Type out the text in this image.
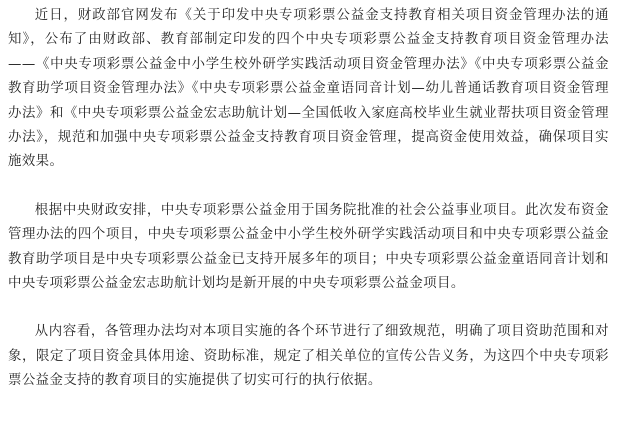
近日，财政部官网发布《关于印发中央专项彩票公益金支持教育相关项目资金管理办法的通知》，公布了由财政部、教育部制定印发的四个中央专项彩票公益金支持教育项目资金管理办法——《中央专项彩票公益金中小学生校外研学实践活动项目资金管理办法》《中央专项彩票公益金教育助学项目资金管理办法》《中央专项彩票公益金童语同音计划—幼儿普通话教育项目资金管理办法》和《中央专项彩票公益金宏志助航计划—全国低收入家庭高校毕业生就业帮扶项目资金管理办法》，规范和加强中央专项彩票公益金支持教育项目资金管理，提高资金使用效益，确保项目实施效果。

根据中央财政安排，中央专项彩票公益金用于国务院批准的社会公益事业项目。此次发布资金管理办法的四个项目，中央专项彩票公益金中小学生校外研学实践活动项目和中央专项彩票公益金教育助学项目是中央专项彩票公益金已支持开展多年的项目；中央专项彩票公益金童语同音计划和中央专项彩票公益金宏志助航计划均是新开展的中央专项彩票公益金项目。

从内容看，各管理办法均对本项目实施的各个环节进行了细致规范，明确了项目资助范围和对象，限定了项目资金具体用途、资助标准，规定了相关单位的宣传公告义务，为这四个中央专项彩票公益金支持的教育项目的实施提供了切实可行的执行依据。
